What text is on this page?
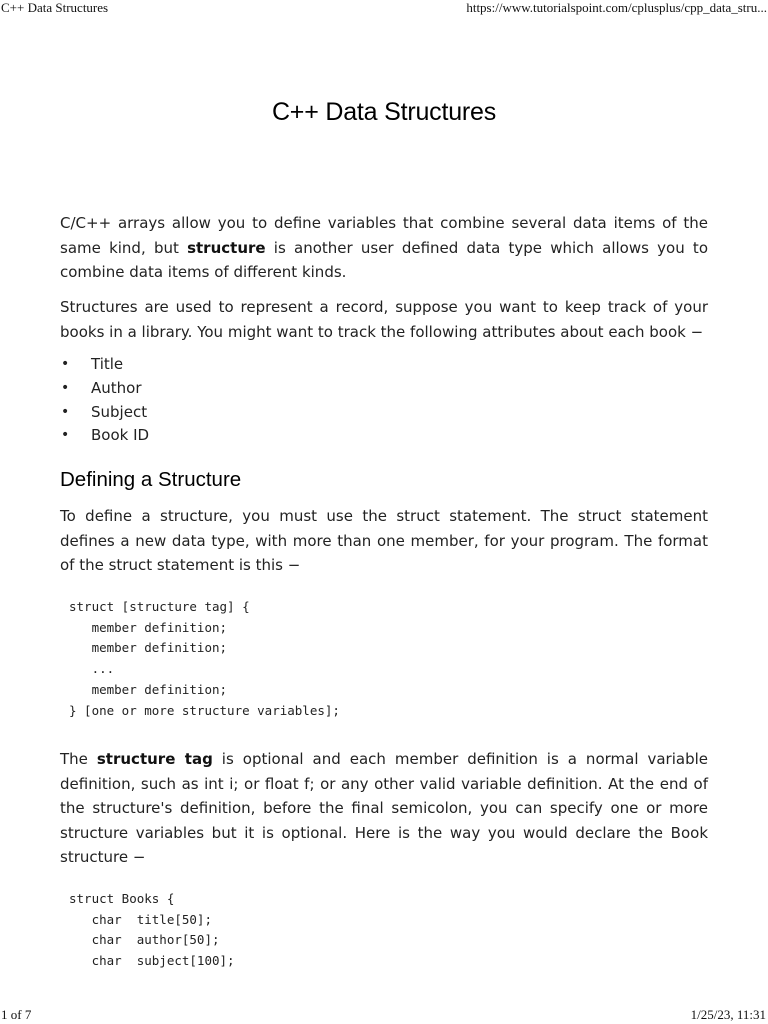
C++ Data Structures	https://www.tutorialspoint.com/cplusplus/cpp_data_stru...
C++ Data Structures

C/C++ arrays allow you to define variables that combine several data items of the same kind, but structure is another user defined data type which allows you to combine data items of different kinds.

Structures are used to represent a record, suppose you want to keep track of your books in a library. You might want to track the following attributes about each book −

• Title
• Author
• Subject
• Book ID
Defining a Structure

To define a structure, you must use the struct statement. The struct statement defines a new data type, with more than one member, for your program. The format of the struct statement is this −

struct [structure tag] {
member definition;
member definition;
...
member definition;
} [one or more structure variables];

The structure tag is optional and each member definition is a normal variable definition, such as int i; or float f; or any other valid variable definition. At the end of the structure's definition, before the final semicolon, you can specify one or more structure variables but it is optional. Here is the way you would declare the Book structure −

struct Books {
char  title[50];
char  author[50];
char  subject[100];
1 of 7	1/25/23, 11:31
